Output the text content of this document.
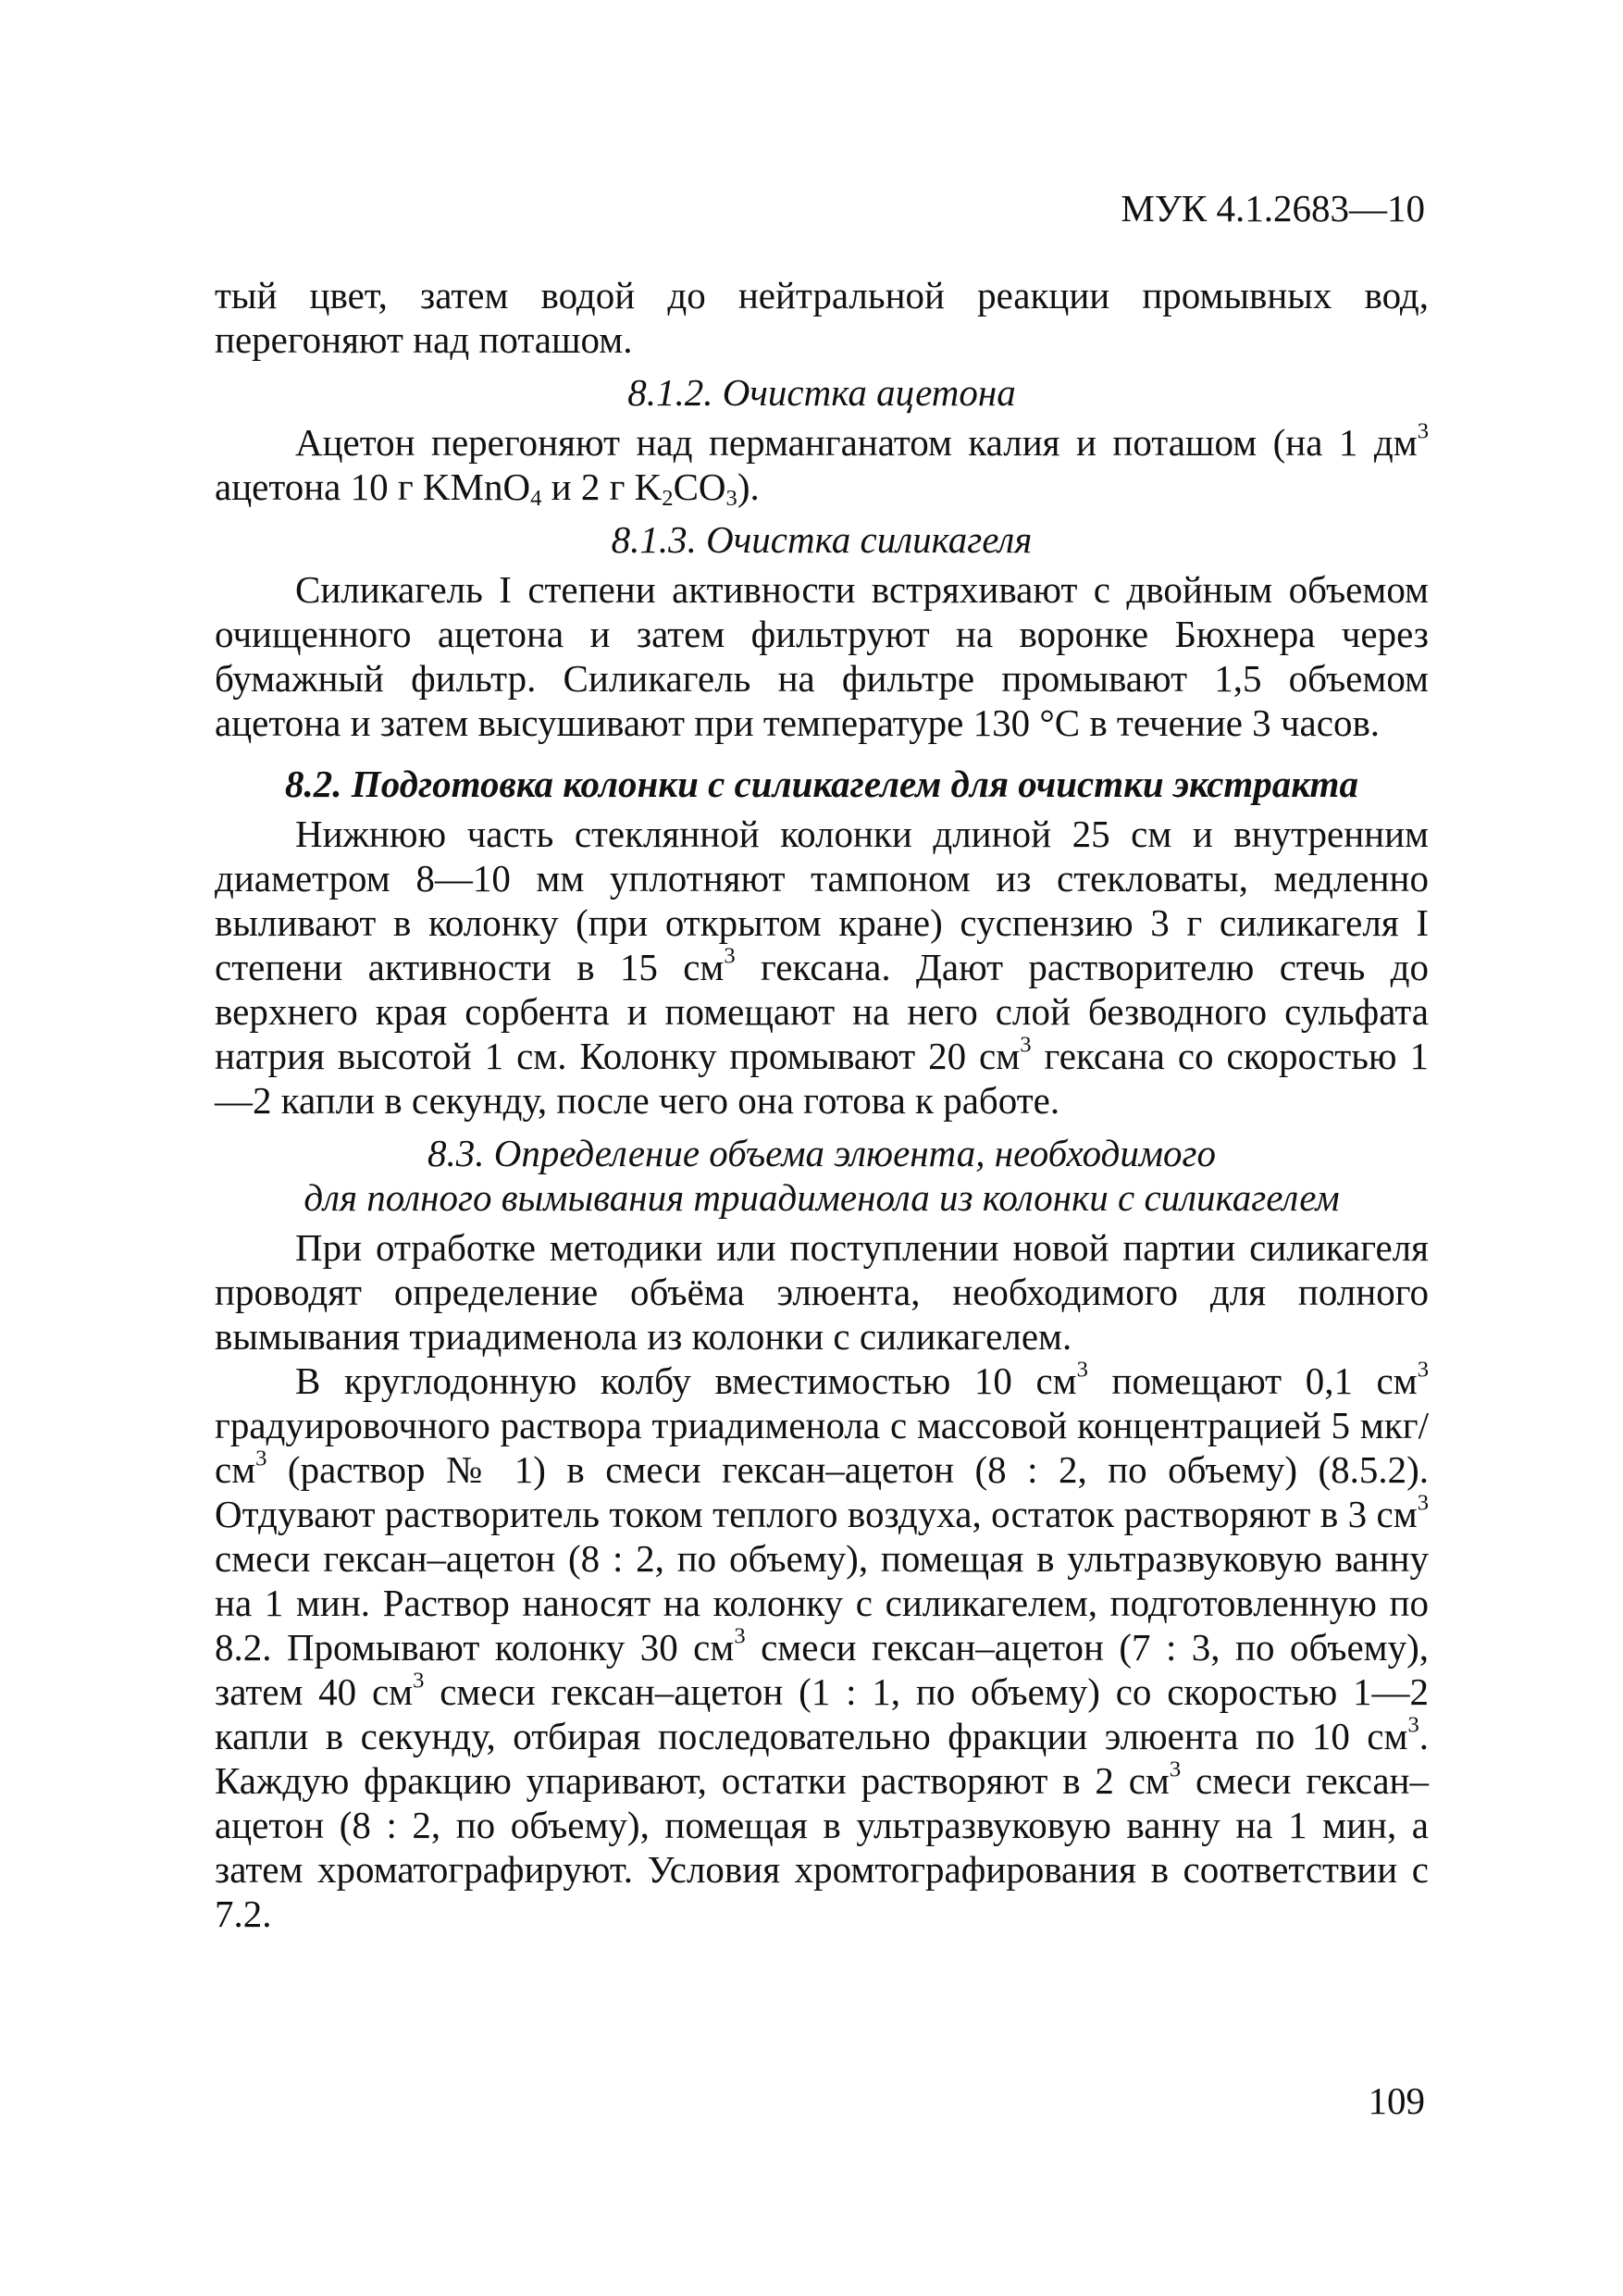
МУК 4.1.2683—10

тый цвет, затем водой до нейтральной реакции промывных вод, перегоняют над поташом.

8.1.2. Очистка ацетона

Ацетон перегоняют над перманганатом калия и поташом (на 1 $дм^3$ ацетона 10 г KMnO$_4$ и 2 г $K_2CO_3$).

8.1.3. Очистка силикагеля

Силикагель I степени активности встряхивают с двойным объемом очищенного ацетона и затем фильтруют на воронке Бюхнера через бумажный фильтр. Силикагель на фильтре промывают 1,5 объемом ацетона и затем высушивают при температуре 130 °С в течение 3 часов.

8.2. Подготовка колонки с силикагелем для очистки экстракта

Нижнюю часть стеклянной колонки длиной 25 см и внутренним диаметром 8—10 мм уплотняют тампоном из стекловаты, медленно выливают в колонку (при открытом кране) суспензию 3 г силикагеля I степени активности в 15 $см^3$ гексана. Дают растворителю стечь до верхнего края сорбента и помещают на него слой безводного сульфата натрия высотой 1 см. Колонку промывают 20 $см^3$ гексана со скоростью 1—2 капли в секунду, после чего она готова к работе.

8.3. Определение объема элюента, необходимого
для полного вымывания триадименола из колонки с силикагелем

При отработке методики или поступлении новой партии силикагеля проводят определение объёма элюента, необходимого для полного вымывания триадименола из колонки с силикагелем.

В круглодонную колбу вместимостью 10 $см^3$ помещают 0,1 $см^3$ градуировочного раствора триадименола с массовой концентрацией 5 мкг/$см^3$ (раствор № 1) в смеси гексан–ацетон (8 : 2, по объему) (8.5.2). Отдувают растворитель током теплого воздуха, остаток растворяют в 3 $см^3$ смеси гексан–ацетон (8 : 2, по объему), помещая в ультразвуковую ванну на 1 мин. Раствор наносят на колонку с силикагелем, подготовленную по 8.2. Промывают колонку 30 $см^3$ смеси гексан–ацетон (7 : 3, по объему), затем 40 $см^3$ смеси гексан–ацетон (1 : 1, по объему) со скоростью 1—2 капли в секунду, отбирая последовательно фракции элюента по 10 $см^3$. Каждую фракцию упаривают, остатки растворяют в 2 $см^3$ смеси гексан–ацетон (8 : 2, по объему), помещая в ультразвуковую ванну на 1 мин, а затем хроматографируют. Условия хромтографирования в соответствии с 7.2.

109
